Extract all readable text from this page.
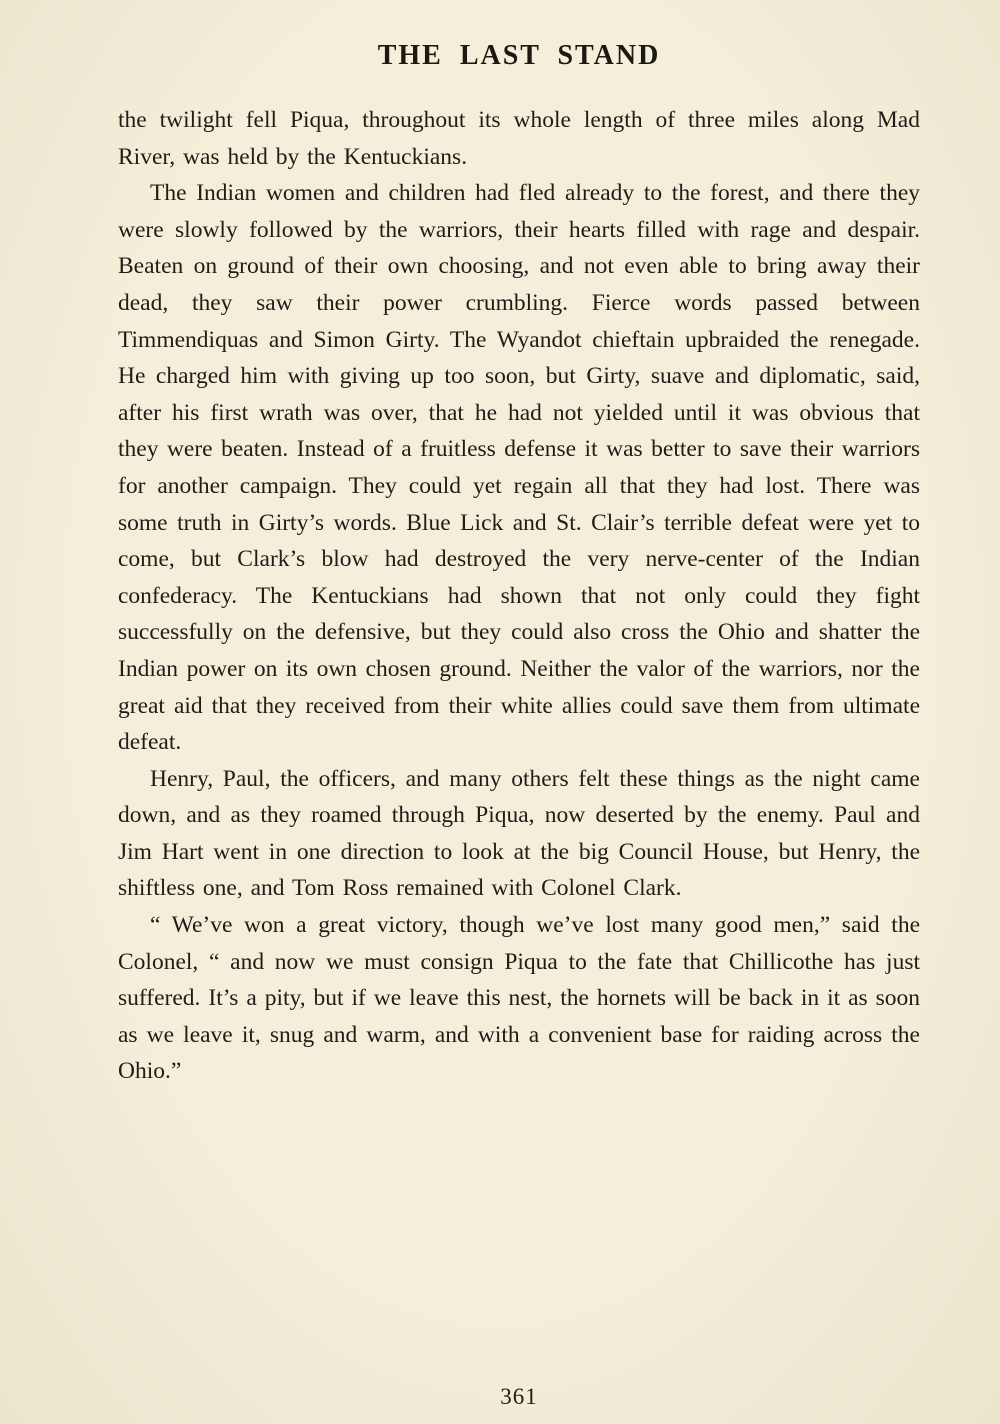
THE LAST STAND

the twilight fell Piqua, throughout its whole length of three miles along Mad River, was held by the Kentuckians.

The Indian women and children had fled already to the forest, and there they were slowly followed by the warriors, their hearts filled with rage and despair. Beaten on ground of their own choosing, and not even able to bring away their dead, they saw their power crumbling. Fierce words passed between Timmendiquas and Simon Girty. The Wyandot chieftain upbraided the renegade. He charged him with giving up too soon, but Girty, suave and diplomatic, said, after his first wrath was over, that he had not yielded until it was obvious that they were beaten. Instead of a fruitless defense it was better to save their warriors for another campaign. They could yet regain all that they had lost. There was some truth in Girty’s words. Blue Lick and St. Clair’s terrible defeat were yet to come, but Clark’s blow had destroyed the very nerve-center of the Indian confederacy. The Kentuckians had shown that not only could they fight successfully on the defensive, but they could also cross the Ohio and shatter the Indian power on its own chosen ground. Neither the valor of the warriors, nor the great aid that they received from their white allies could save them from ultimate defeat.

Henry, Paul, the officers, and many others felt these things as the night came down, and as they roamed through Piqua, now deserted by the enemy. Paul and Jim Hart went in one direction to look at the big Council House, but Henry, the shiftless one, and Tom Ross remained with Colonel Clark.

“ We’ve won a great victory, though we’ve lost many good men,” said the Colonel, “ and now we must consign Piqua to the fate that Chillicothe has just suffered. It’s a pity, but if we leave this nest, the hornets will be back in it as soon as we leave it, snug and warm, and with a convenient base for raiding across the Ohio.”

361
